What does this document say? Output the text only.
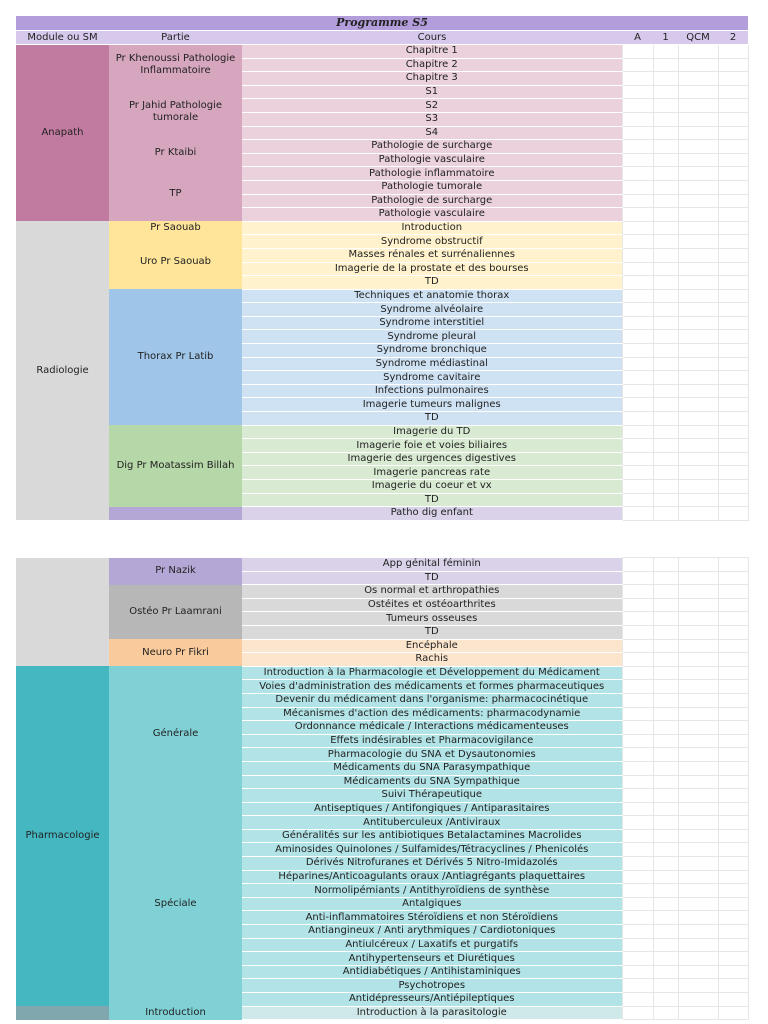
Programme S5						
Module ou SM	Partie	Cours	A	1	QCM	2
Anapath	Pr Khenoussi Pathologie Inflammatoire	Chapitre 1				
		Chapitre 2				
		Chapitre 3				
	Pr Jahid Pathologie tumorale	S1				
		S2				
		S3				
		S4				
	Pr Ktaibi	Pathologie de surcharge				
		Pathologie vasculaire				
	TP	Pathologie inflammatoire				
		Pathologie tumorale				
		Pathologie de surcharge				
		Pathologie vasculaire				
Radiologie	Pr Saouab	Introduction				
	Uro Pr Saouab	Syndrome obstructif				
		Masses rénales et surrénaliennes				
		Imagerie de la prostate et des bourses				
		TD				
	Thorax Pr Latib	Techniques et anatomie thorax				
		Syndrome alvéolaire				
		Syndrome interstitiel				
		Syndrome pleural				
		Syndrome bronchique				
		Syndrome médiastinal				
		Syndrome cavitaire				
		Infections pulmonaires				
		Imagerie tumeurs malignes				
		TD				
	Dig Pr Moatassim Billah	Imagerie du TD				
		Imagerie foie et voies biliaires				
		Imagerie des urgences digestives				
		Imagerie pancreas rate				
		Imagerie du coeur et vx				
		TD				
		Patho dig enfant				
	Pr Nazik	App génital féminin				
		TD				
	Ostéo Pr Laamrani	Os normal et arthropathies				
		Ostéites et ostéoarthrites				
		Tumeurs osseuses				
		TD				
	Neuro Pr Fikri	Encéphale				
		Rachis				
Pharmacologie	Générale	Introduction à la Pharmacologie et Développement du Médicament				
		Voies d'administration des médicaments et formes pharmaceutiques				
		Devenir du médicament dans l'organisme: pharmacocinétique				
		Mécanismes d'action des médicaments: pharmacodynamie				
		Ordonnance médicale / Interactions médicamenteuses				
		Effets indésirables et Pharmacovigilance				
		Pharmacologie du SNA et Dysautonomies				
		Médicaments du SNA Parasympathique				
		Médicaments du SNA Sympathique				
		Suivi Thérapeutique				
	Spéciale	Antiseptiques / Antifongiques / Antiparasitaires				
		Antituberculeux /Antiviraux				
		Généralités sur les antibiotiques Betalactamines Macrolides				
		Aminosides Quinolones / Sulfamides/Tétracyclines / Phenicolés				
		Dérivés Nitrofuranes et Dérivés 5 Nitro-Imidazolés				
		Héparines/Anticoagulants oraux /Antiagrégants plaquettaires				
		Normolipémiants / Antithyroïdiens de synthèse				
		Antalgiques				
		Anti-inflammatoires Stéroïdiens et non Stéroïdiens				
		Antiangineux / Anti arythmiques / Cardiotoniques				
		Antiulcéreux / Laxatifs et purgatifs				
		Antihypertenseurs et Diurétiques				
		Antidiabétiques / Antihistaminiques				
		Psychotropes				
		Antidépresseurs/Antiépileptiques				
	Introduction	Introduction à la parasitologie				
